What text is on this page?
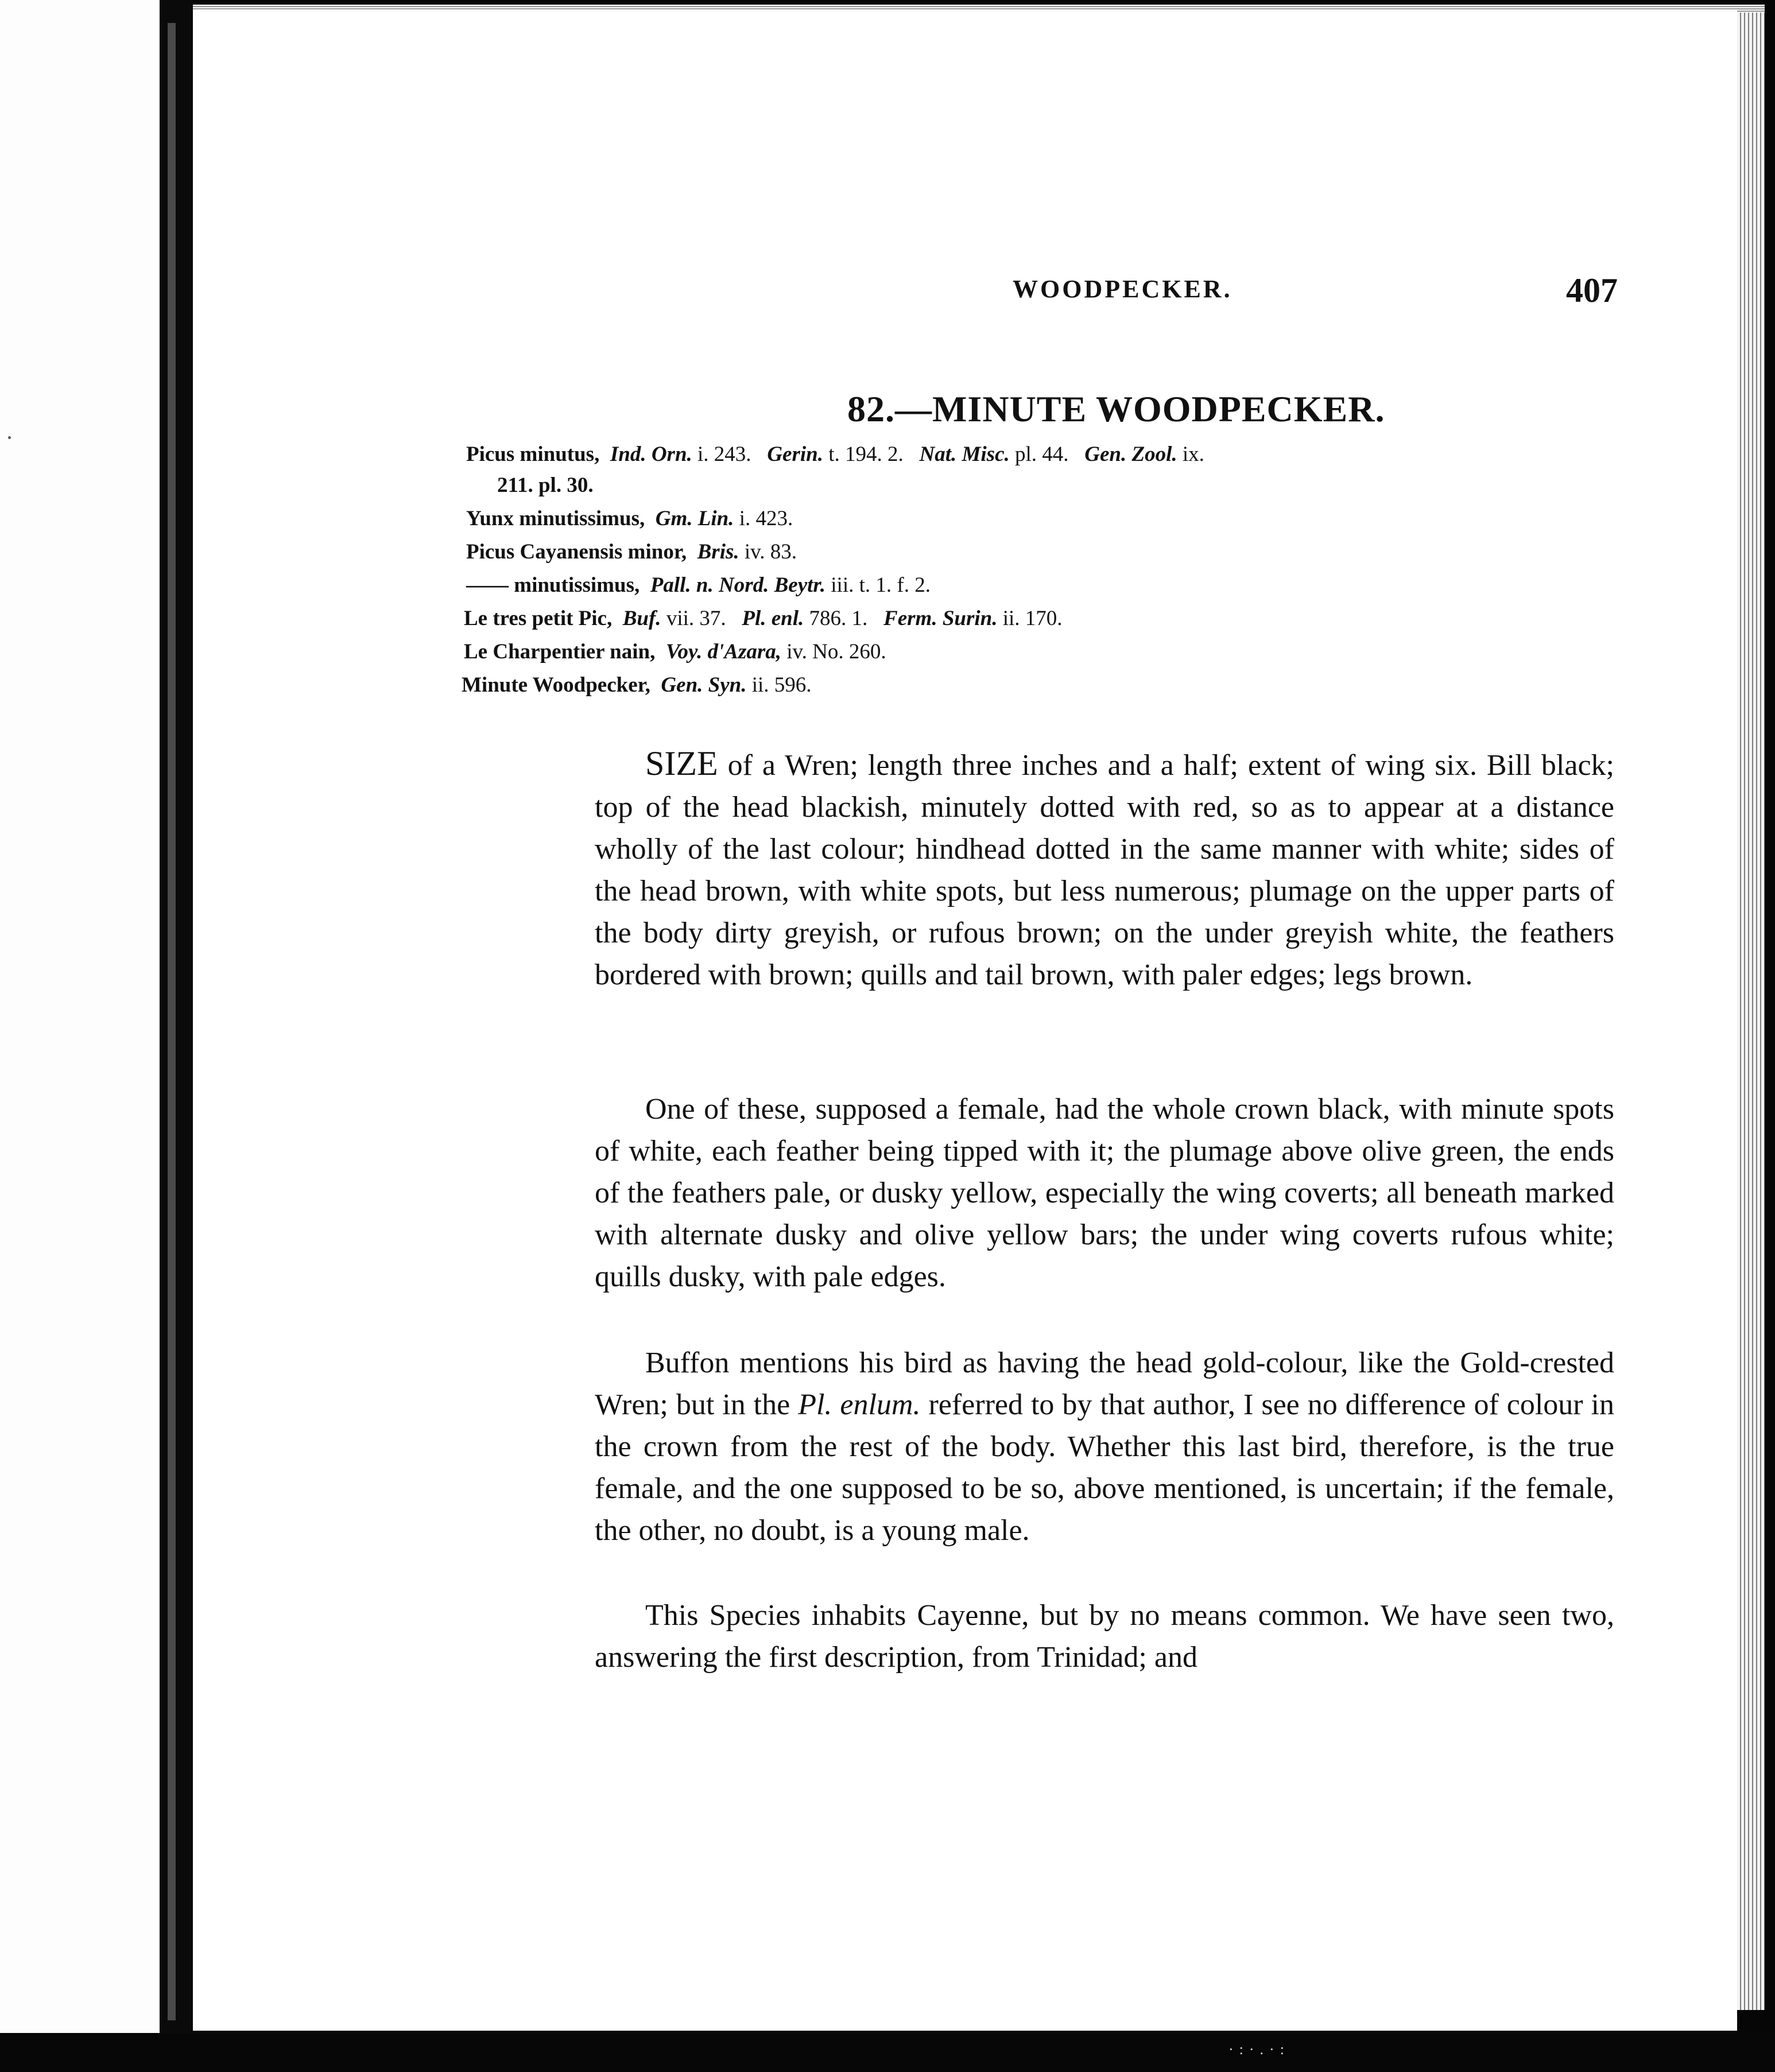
WOODPECKER.	407
82.—MINUTE WOODPECKER.
Picus minutus, Ind. Orn. i. 243. Gerin. t. 194. 2. Nat. Misc. pl. 44. Gen. Zool. ix.
211. pl. 30.
Yunx minutissimus, Gm. Lin. i. 423.
Picus Cayanensis minor, Bris. iv. 83.
—— minutissimus, Pall. n. Nord. Beytr. iii. t. 1. f. 2.
Le tres petit Pic, Buf. vii. 37. Pl. enl. 786. 1. Ferm. Surin. ii. 170.
Le Charpentier nain, Voy. d'Azara, iv. No. 260.
Minute Woodpecker, Gen. Syn. ii. 596.

SIZE of a Wren; length three inches and a half; extent of wing six. Bill black; top of the head blackish, minutely dotted with red, so as to appear at a distance wholly of the last colour; hindhead dotted in the same manner with white; sides of the head brown, with white spots, but less numerous; plumage on the upper parts of the body dirty greyish, or rufous brown; on the under greyish white, the feathers bordered with brown; quills and tail brown, with paler edges; legs brown.

One of these, supposed a female, had the whole crown black, with minute spots of white, each feather being tipped with it; the plumage above olive green, the ends of the feathers pale, or dusky yellow, especially the wing coverts; all beneath marked with alternate dusky and olive yellow bars; the under wing coverts rufous white; quills dusky, with pale edges.

Buffon mentions his bird as having the head gold-colour, like the Gold-crested Wren; but in the Pl. enlum. referred to by that author, I see no difference of colour in the crown from the rest of the body. Whether this last bird, therefore, is the true female, and the one supposed to be so, above mentioned, is uncertain; if the female, the other, no doubt, is a young male.

This Species inhabits Cayenne, but by no means common. We have seen two, answering the first description, from Trinidad; and

·:·.·:
